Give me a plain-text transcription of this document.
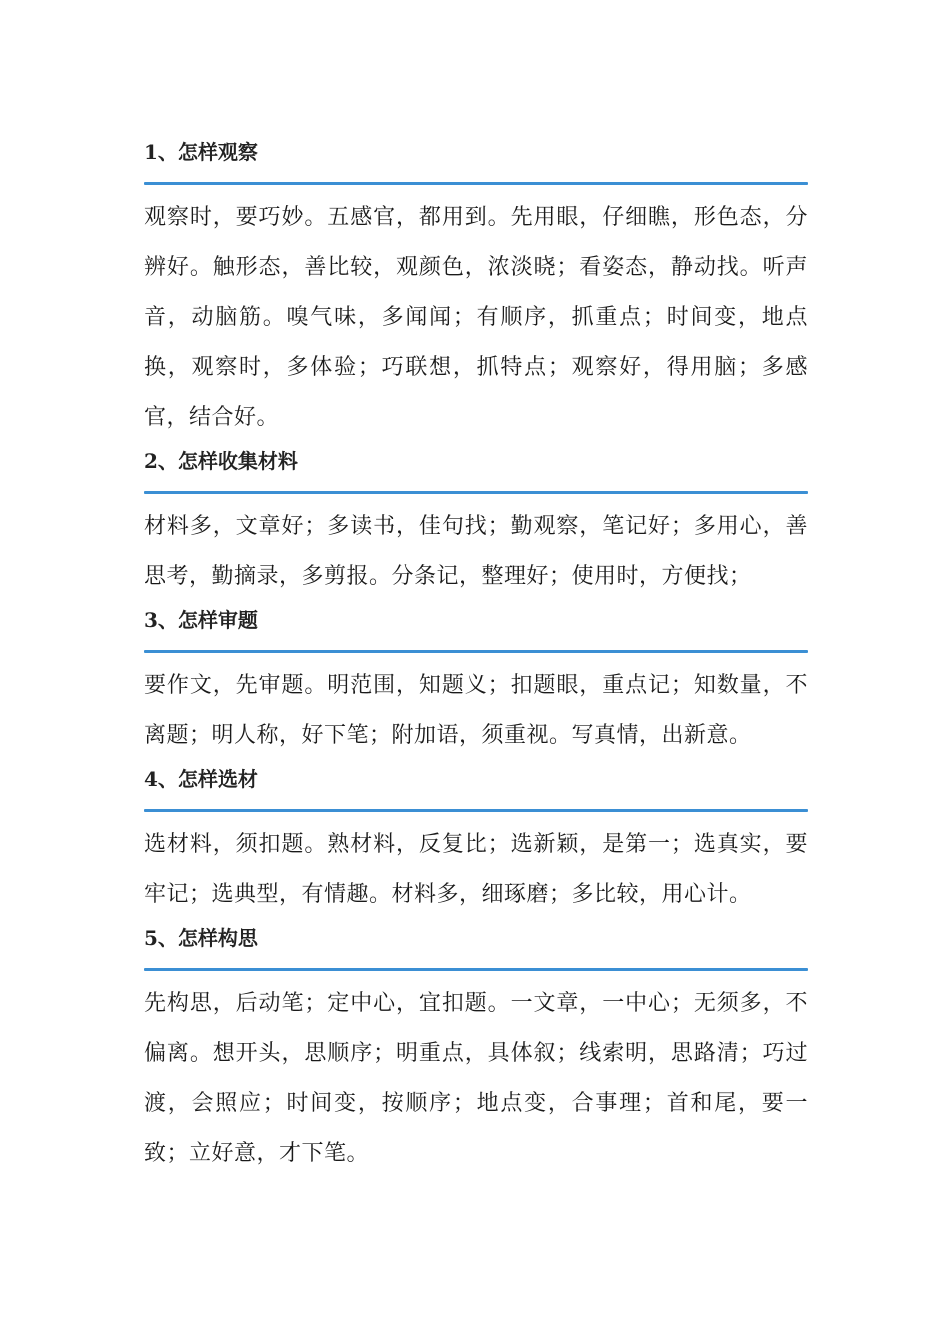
1、怎样观察

观察时，要巧妙。五感官，都用到。先用眼，仔细瞧，形色态，分辨好。触形态，善比较，观颜色，浓淡晓；看姿态，静动找。听声音，动脑筋。嗅气味，多闻闻；有顺序，抓重点；时间变，地点换，观察时，多体验；巧联想，抓特点；观察好，得用脑；多感官，结合好。

2、怎样收集材料

材料多，文章好；多读书，佳句找；勤观察，笔记好；多用心，善思考，勤摘录，多剪报。分条记，整理好；使用时，方便找；

3、怎样审题

要作文，先审题。明范围，知题义；扣题眼，重点记；知数量，不离题；明人称，好下笔；附加语，须重视。写真情，出新意。

4、怎样选材

选材料，须扣题。熟材料，反复比；选新颖，是第一；选真实，要牢记；选典型，有情趣。材料多，细琢磨；多比较，用心计。

5、怎样构思

先构思，后动笔；定中心，宜扣题。一文章，一中心；无须多，不偏离。想开头，思顺序；明重点，具体叙；线索明，思路清；巧过渡，会照应；时间变，按顺序；地点变，合事理；首和尾，要一致；立好意，才下笔。
